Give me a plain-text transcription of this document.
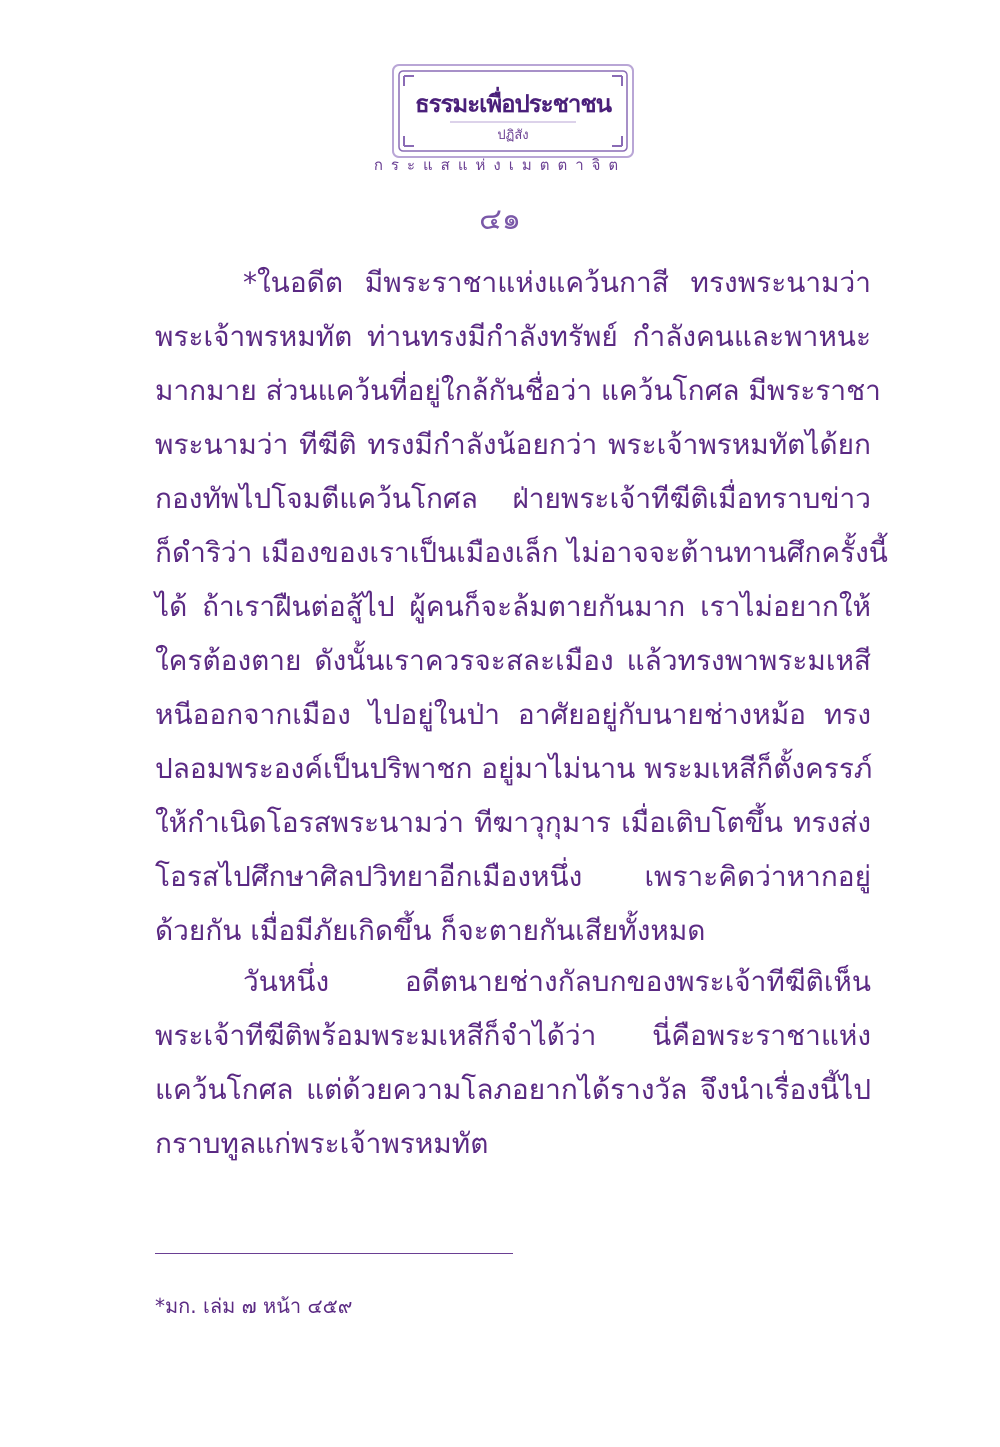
ธรรมะเพื่อประชาชน
ปฏิสัง
กระแสแห่งเมตตาจิต
๔๑
*ในอดีต มีพระราชาแห่งแคว้นกาสี ทรงพระนามว่า
พระเจ้าพรหมทัต ท่านทรงมีกำลังทรัพย์ กำลังคนและพาหนะ
มากมาย ส่วนแคว้นที่อยู่ใกล้กันชื่อว่า แคว้นโกศล มีพระราชา
พระนามว่า ทีฆีติ ทรงมีกำลังน้อยกว่า พระเจ้าพรหมทัตได้ยก
กองทัพไปโจมตีแคว้นโกศล ฝ่ายพระเจ้าทีฆีติเมื่อทราบข่าว
ก็ดำริว่า เมืองของเราเป็นเมืองเล็ก ไม่อาจจะต้านทานศึกครั้งนี้
ได้ ถ้าเราฝืนต่อสู้ไป ผู้คนก็จะล้มตายกันมาก เราไม่อยากให้
ใครต้องตาย ดังนั้นเราควรจะสละเมือง แล้วทรงพาพระมเหสี
หนีออกจากเมือง ไปอยู่ในป่า อาศัยอยู่กับนายช่างหม้อ ทรง
ปลอมพระองค์เป็นปริพาชก อยู่มาไม่นาน พระมเหสีก็ตั้งครรภ์
ให้กำเนิดโอรสพระนามว่า ทีฆาวุกุมาร เมื่อเติบโตขึ้น ทรงส่ง
โอรสไปศึกษาศิลปวิทยาอีกเมืองหนึ่ง เพราะคิดว่าหากอยู่
ด้วยกัน เมื่อมีภัยเกิดขึ้น ก็จะตายกันเสียทั้งหมด
วันหนึ่ง อดีตนายช่างกัลบกของพระเจ้าทีฆีติเห็น
พระเจ้าทีฆีติพร้อมพระมเหสีก็จำได้ว่า นี่คือพระราชาแห่ง
แคว้นโกศล แต่ด้วยความโลภอยากได้รางวัล จึงนำเรื่องนี้ไป
กราบทูลแก่พระเจ้าพรหมทัต
*มก. เล่ม ๗ หน้า ๔๕๙
